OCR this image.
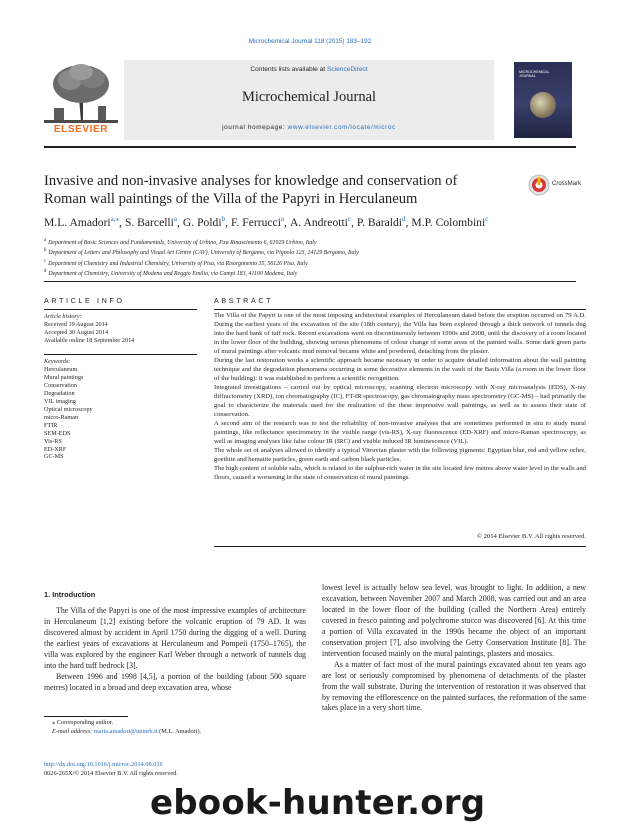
Microchemical Journal 118 (2015) 183–192
ELSEVIER
Contents lists available at ScienceDirect
Microchemical Journal
journal homepage: www.elsevier.com/locate/microc
MICROCHEMICAL JOURNAL
Invasive and non-invasive analyses for knowledge and conservation of
Roman wall paintings of the Villa of the Papyri in Herculaneum
CrossMark
M.L. Amadori$^{a,⁎}$, S. Barcelli$^a$, G. Poldi$^b$, F. Ferrucci$^a$, A. Andreotti$^c$, P. Baraldi$^d$, M.P. Colombini$^c$
$^a$ Department of Basic Sciences and Fundamentals, University of Urbino, P.za Rinascimento 6, 61029 Urbino, Italy
$^b$ Department of Letters and Philosophy and Visual Art Centre (CAV), University of Bergamo, via Pignolo 123, 24129 Bergamo, Italy
$^c$ Department of Chemistry and Industrial Chemistry, University of Pisa, via Risorgimento 35, 56126 Pisa, Italy
$^d$ Department of Chemistry, University of Modena and Reggio Emilia, via Campi 183, 41100 Modena, Italy
ARTICLE INFO
Article history:
Received 19 August 2014
Accepted 30 August 2014
Available online 18 September 2014
Keywords:
Herculaneum
Mural paintings
Conservation
Degradation
VIL imaging
Optical microscopy
micro-Raman
FTIR
SEM-EDS
Vis-RS
ED-XRF
GC-MS
ABSTRACT

The Villa of the Papyri is one of the most imposing architectural examples of Herculaneum dated before the eruption occurred on 79 A.D. During the earliest years of the excavation of the site (18th century), the Villa has been explored through a thick network of tunnels dug into the hard bank of tuff rock. Recent excavations went on discontinuously between 1990s and 2008, until the discovery of a room located in the lower floor of the building, showing serious phenomena of colour change of some areas of the painted walls. Some dark green parts of mural paintings after volcanic mud removal became white and powdered, detaching from the plaster.

During the last restoration works a scientific approach became necessary in order to acquire detailed information about the wall painting technique and the degradation phenomena occurring in some decorative elements in the vault of the Basis Villa (a room in the lower floor of the building): it was established to perform a scientific recognition.

Integrated investigations – carried out by optical microscopy, scanning electron microscopy with X-ray microanalysis (EDS), X-ray diffractometry (XRD), ion chromatography (IC), FT-IR spectroscopy, gas chromatography mass spectrometry (GC-MS) – had primarily the goal to characterize the materials used for the realization of the these impressive wall paintings, as well as to assess their state of conservation.

A second aim of the research was to test the reliability of non-invasive analyses that are sometimes performed in situ to study mural paintings, like reflectance spectrometry in the visible range (vis-RS), X-ray fluorescence (ED-XRF) and micro-Raman spectroscopy, as well as imaging analyses like false colour IR (IRC) and visible induced IR luminescence (VIL).

The whole set of analyses allowed to identify a typical Vitruvian plaster with the following pigments: Egyptian blue, red and yellow ochre, goethite and hematite particles, green earth and carbon black particles.

The high content of soluble salts, which is related to the sulphur-rich water in the site located few metres above water level in the walls and floors, caused a worsening in the state of conservation of mural paintings.

© 2014 Elsevier B.V. All rights reserved.
1. Introduction

The Villa of the Papyri is one of the most impressive examples of architecture in Herculaneum [1,2] existing before the volcanic eruption of 79 AD. It was discovered almost by accident in April 1750 during the digging of a well. During the earliest years of excavations at Herculaneum and Pompeii (1750–1765), the villa was explored by the engineer Karl Weber through a network of tunnels dug into the hard tuff bedrock [3].

Between 1996 and 1998 [4,5], a portion of the building (about 500 square metres) located in a broad and deep excavation area, whose

lowest level is actually below sea level, was brought to light. In addition, a new excavation, between November 2007 and March 2008, was carried out and an area located in the lower floor of the building (called the Northern Area) entirely covered in fresco painting and polychrome stucco was discovered [6]. At this time a portion of Villa excavated in the 1990s became the object of an important conservation project [7], also involving the Getty Conservation Institute [8]. The intervention focused mainly on the mural paintings, plasters and mosaics.

As a matter of fact most of the mural paintings excavated about ten years ago are lost or seriously compromised by phenomena of detachments of the plaster from the wall substrate. During the intervention of restoration it was observed that by removing the efflorescence on the painted surfaces, the reformation of the same takes place in a very short time.

⁎ Corresponding author.
E-mail address: maria.amadori@uniurb.it (M.L. Amadori).
http://dx.doi.org/10.1016/j.microc.2014.08.016
0026-265X/© 2014 Elsevier B.V. All rights reserved.
ebook-hunter.org
